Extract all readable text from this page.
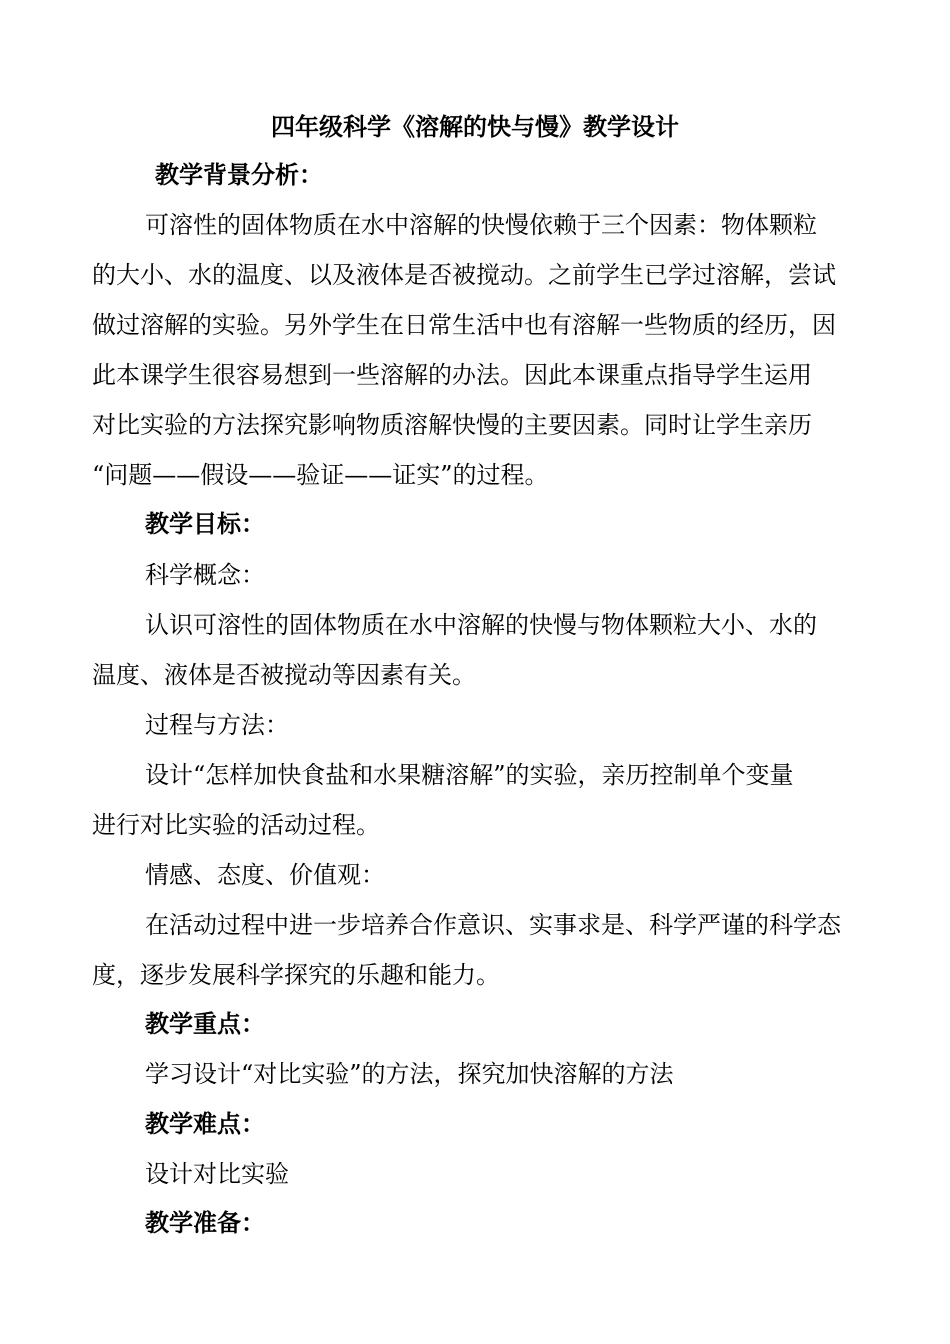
四年级科学《溶解的快与慢》教学设计
教学背景分析：
可溶性的固体物质在水中溶解的快慢依赖于三个因素：物体颗粒
的大小、水的温度、以及液体是否被搅动。之前学生已学过溶解，尝试
做过溶解的实验。另外学生在日常生活中也有溶解一些物质的经历，因
此本课学生很容易想到一些溶解的办法。因此本课重点指导学生运用
对比实验的方法探究影响物质溶解快慢的主要因素。同时让学生亲历
“问题——假设——验证——证实”的过程。
教学目标：
科学概念：
认识可溶性的固体物质在水中溶解的快慢与物体颗粒大小、水的
温度、液体是否被搅动等因素有关。
过程与方法：
设计“怎样加快食盐和水果糖溶解”的实验，亲历控制单个变量
进行对比实验的活动过程。
情感、态度、价值观：
在活动过程中进一步培养合作意识、实事求是、科学严谨的科学态
度，逐步发展科学探究的乐趣和能力。
教学重点：
学习设计“对比实验”的方法，探究加快溶解的方法
教学难点：
设计对比实验
教学准备：
